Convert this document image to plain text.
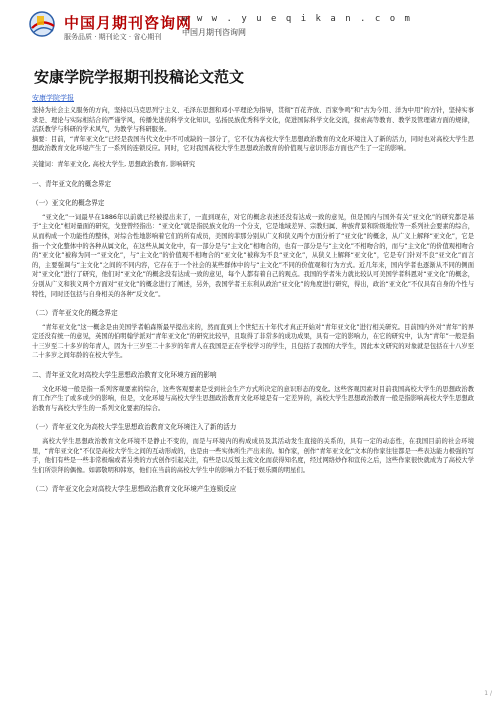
中国月期刊咨询网
服务品质 · 期刊论文 · 省心期刊
w w w . y u e q i k a n . c o m
中国月期刊咨询网
安康学院学报期刊投稿论文范文
安康学院学报

坚持为社会主义服务的方向，坚持以马克思列宁主义、毛泽东思想和邓小平理论为指导，贯彻“百花齐放、百家争鸣”和“古为今用、洋为中用”的方针，坚持实事求是、理论与实际相结合的严谨学风，传播先进的科学文化知识，弘扬民族优秀科学文化，促进国际科学文化交流，探索高等教育、教学及管理诸方面的规律，活跃教学与科研的学术风气，为教学与科研服务。

摘要：目前，“青年亚文化”已经是我国当代文化中不可或缺的一部分了，它不仅为高校大学生思想政治教育的文化环境注入了新的活力，同时也对高校大学生思想政治教育文化环境产生了一系列的连锁反应。同时，它对我国高校大学生思想政治教育的价值观与意识形态方面也产生了一定的影响。

关键词：青年亚文化, 高校大学生, 思想政治教育, 影响研究

一、青年亚文化的概念界定

（一）亚文化的概念界定

“亚文化”一词最早在1886年以前就已经被提出来了，一直到现在，对它的概念表述还没有达成一致的意见，但是国内与国外有关“亚文化”的研究都是基于“主文化”相对量面的研究，戈登曾经指出：“亚文化”就是指民族文化的一个分支，它是地域差异、宗教归属、种族背景和阶级地位等一系列社会要素的综合，从而构成一个功能性的整体，对综合性地影响着它们的所有成员，美国的菲那分别从广义和狭义两个方面分析了“亚文化”的概念，从广义上解释“亚文化”，它是指一个文化整体中的各种从属文化，在这些从属文化中，有一部分是与“主文化”相吻合的，也有一部分是与“主文化”不相吻合的，而与“主文化”的价值观相吻合的“亚文化”被称为同一“亚文化”，与“主文化”的价值观不相吻合的“亚文化”被称为不良“亚文化”，从狭义上解释“亚文化”，它是专门针对不良“亚文化”而言的，主要强调与“主文化”之间的不同内容，它存在于一个社会的某些群体中的与“主文化”不同的价值观和行为方式。近几年来，国内学者也逐渐从不同的侧面对“亚文化”进行了研究，他们对“亚文化”的概念没有达成一致的意见，每个人都有着自己的观点。我国的学者朱力就比较认可美国学者科恩对“亚文化”的概念，分别从广义和狭义两个方面对“亚文化”的概念进行了阐述，另外，我国学者王东利从政治“亚文化”的角度进行研究，得出，政治“亚文化”不仅具有自身的个性与特性，同时还包括与自身相关的各种“反文化”。

（二）青年亚文化的概念界定

“青年亚文化”这一概念是由美国学者帕森斯最早提出来的，然而直到上个世纪五十年代才真正开始对“青年亚文化”进行相关研究。目前国内外对“青年”的界定还没有统一的意见，英国的伯明翰学派对“青年亚文化”的研究比较早，且取得了非常多的成功成果，具有一定的影响力，在它的研究中，认为“青年”一般是指十三岁至二十多岁的年青人，因为十三岁至二十多岁的年青人在我国是正在学校学习的学生，且包括了我国的大学生，因此本文研究的对象就是包括在十八岁至二十多岁之间年龄的在校大学生。

二、青年亚文化对高校大学生思想政治教育文化环境方面的影响

文化环境一般是指一系列客观要素的综合，这些客观要素是受到社会生产方式所决定的意识形态的变化。这些客观因素对目前我国高校大学生的思想政治教育工作产生了或多或少的影响，但是，文化环境与高校大学生思想政治教育文化环境是有一定差异的，高校大学生思想政治教育一般是指影响高校大学生思想政治教育与高校大学生的一系列文化要素的综合。

（一）青年亚文化为高校大学生思想政治教育文化环境注入了新的活力

高校大学生思想政治教育文化环境不是静止不变的，而是与环境内的构成成员及其活动发生直接的关系的，具有一定的动态性，在我国目前的社会环境里，“青年亚文化”不仅是高校大学生之间的互动形成的，也是由一些实体所生产出来的。如作家，创作“青年亚文化”文本的作家往往都是一些表达能力极强的写手，他们有些是一些非常极端或者另类的方式创作引起关注，有些是以反叛主流文化而获得知名度，经过网络炒作和宣传之后，这些作家很快就成为了高校大学生们所崇拜的偶像。如郭敬明和韩寒，他们在当前的高校大学生中的影响力不低于娱乐圈的明星们。

（二）青年亚文化会对高校大学生思想政治教育文化环境产生连锁反应

1 /
